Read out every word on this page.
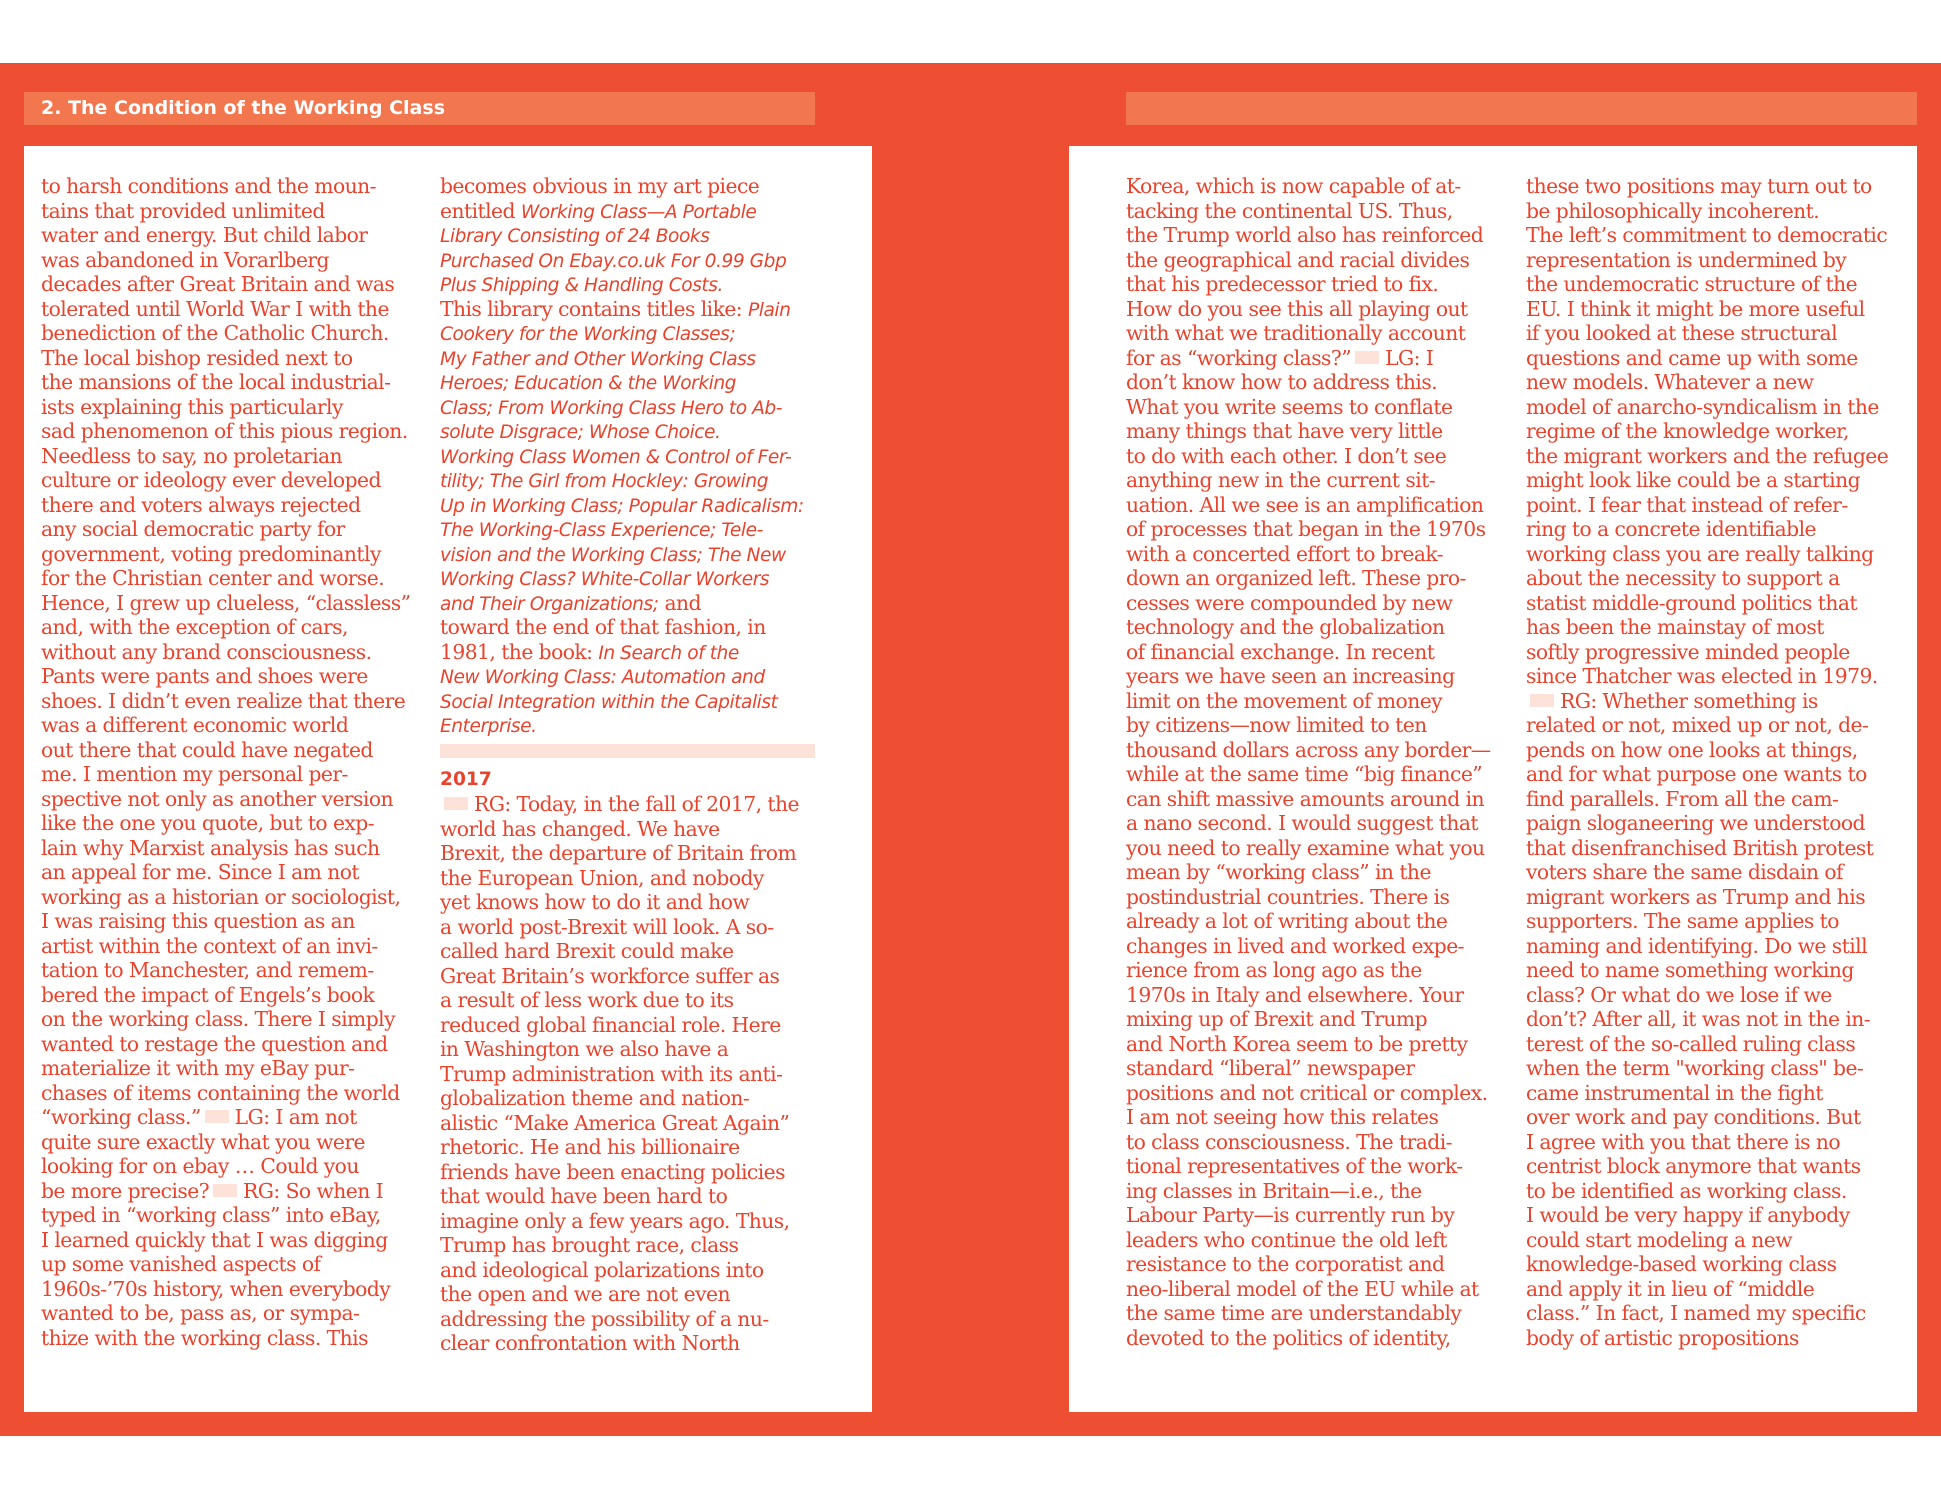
2. The Condition of the Working Class
to harsh conditions and the moun-
tains that provided unlimited
water and energy. But child labor
was abandoned in Vorarlberg
decades after Great Britain and was
tolerated until World War I with the
benediction of the Catholic Church.
The local bishop resided next to
the mansions of the local industrial-
ists explaining this particularly
sad phenomenon of this pious region.
Needless to say, no proletarian
culture or ideology ever developed
there and voters always rejected
any social democratic party for
government, voting predominantly
for the Christian center and worse.
Hence, I grew up clueless, “classless”
and, with the exception of cars,
without any brand consciousness.
Pants were pants and shoes were
shoes. I didn’t even realize that there
was a different economic world
out there that could have negated
me. I mention my personal per-
spective not only as another version
like the one you quote, but to exp-
lain why Marxist analysis has such
an appeal for me. Since I am not
working as a historian or sociologist,
I was raising this question as an
artist within the context of an invi-
tation to Manchester, and remem-
bered the impact of Engels’s book
on the working class. There I simply
wanted to restage the question and
materialize it with my eBay pur-
chases of items containing the world
“working class.” LG: I am not
quite sure exactly what you were
looking for on ebay … Could you
be more precise? RG: So when I
typed in “working class” into eBay,
I learned quickly that I was digging
up some vanished aspects of
1960s-’70s history, when everybody
wanted to be, pass as, or sympa-
thize with the working class. This
becomes obvious in my art piece
entitled Working Class—A Portable
Library Consisting of 24 Books
Purchased On Ebay.co.uk For 0.99 Gbp
Plus Shipping & Handling Costs.
This library contains titles like: Plain
Cookery for the Working Classes;
My Father and Other Working Class
Heroes; Education & the Working
Class; From Working Class Hero to Ab-
solute Disgrace; Whose Choice.
Working Class Women & Control of Fer-
tility; The Girl from Hockley: Growing
Up in Working Class; Popular Radicalism:
The Working-Class Experience; Tele-
vision and the Working Class; The New
Working Class? White-Collar Workers
and Their Organizations; and
toward the end of that fashion, in
1981, the book: In Search of the
New Working Class: Automation and
Social Integration within the Capitalist
Enterprise.
2017
RG: Today, in the fall of 2017, the
world has changed. We have
Brexit, the departure of Britain from
the European Union, and nobody
yet knows how to do it and how
a world post-Brexit will look. A so-
called hard Brexit could make
Great Britain’s workforce suffer as
a result of less work due to its
reduced global financial role. Here
in Washington we also have a
Trump administration with its anti-
globalization theme and nation-
alistic “Make America Great Again”
rhetoric. He and his billionaire
friends have been enacting policies
that would have been hard to
imagine only a few years ago. Thus,
Trump has brought race, class
and ideological polarizations into
the open and we are not even
addressing the possibility of a nu-
clear confrontation with North
Korea, which is now capable of at-
tacking the continental US. Thus,
the Trump world also has reinforced
the geographical and racial divides
that his predecessor tried to fix.
How do you see this all playing out
with what we traditionally account
for as “working class?” LG: I
don’t know how to address this.
What you write seems to conflate
many things that have very little
to do with each other. I don’t see
anything new in the current sit-
uation. All we see is an amplification
of processes that began in the 1970s
with a concerted effort to break-
down an organized left. These pro-
cesses were compounded by new
technology and the globalization
of financial exchange. In recent
years we have seen an increasing
limit on the movement of money
by citizens—now limited to ten
thousand dollars across any border—
while at the same time “big finance”
can shift massive amounts around in
a nano second. I would suggest that
you need to really examine what you
mean by “working class” in the
postindustrial countries. There is
already a lot of writing about the
changes in lived and worked expe-
rience from as long ago as the
1970s in Italy and elsewhere. Your
mixing up of Brexit and Trump
and North Korea seem to be pretty
standard “liberal” newspaper
positions and not critical or complex.
I am not seeing how this relates
to class consciousness. The tradi-
tional representatives of the work-
ing classes in Britain—i.e., the
Labour Party—is currently run by
leaders who continue the old left
resistance to the corporatist and
neo-liberal model of the EU while at
the same time are understandably
devoted to the politics of identity,
these two positions may turn out to
be philosophically incoherent.
The left’s commitment to democratic
representation is undermined by
the undemocratic structure of the
EU. I think it might be more useful
if you looked at these structural
questions and came up with some
new models. Whatever a new
model of anarcho-syndicalism in the
regime of the knowledge worker,
the migrant workers and the refugee
might look like could be a starting
point. I fear that instead of refer-
ring to a concrete identifiable
working class you are really talking
about the necessity to support a
statist middle-ground politics that
has been the mainstay of most
softly progressive minded people
since Thatcher was elected in 1979.
RG: Whether something is
related or not, mixed up or not, de-
pends on how one looks at things,
and for what purpose one wants to
find parallels. From all the cam-
paign sloganeering we understood
that disenfranchised British protest
voters share the same disdain of
migrant workers as Trump and his
supporters. The same applies to
naming and identifying. Do we still
need to name something working
class? Or what do we lose if we
don’t? After all, it was not in the in-
terest of the so-called ruling class
when the term "working class" be-
came instrumental in the fight
over work and pay conditions. But
I agree with you that there is no
centrist block anymore that wants
to be identified as working class.
I would be very happy if anybody
could start modeling a new
knowledge-based working class
and apply it in lieu of “middle
class.” In fact, I named my specific
body of artistic propositions
